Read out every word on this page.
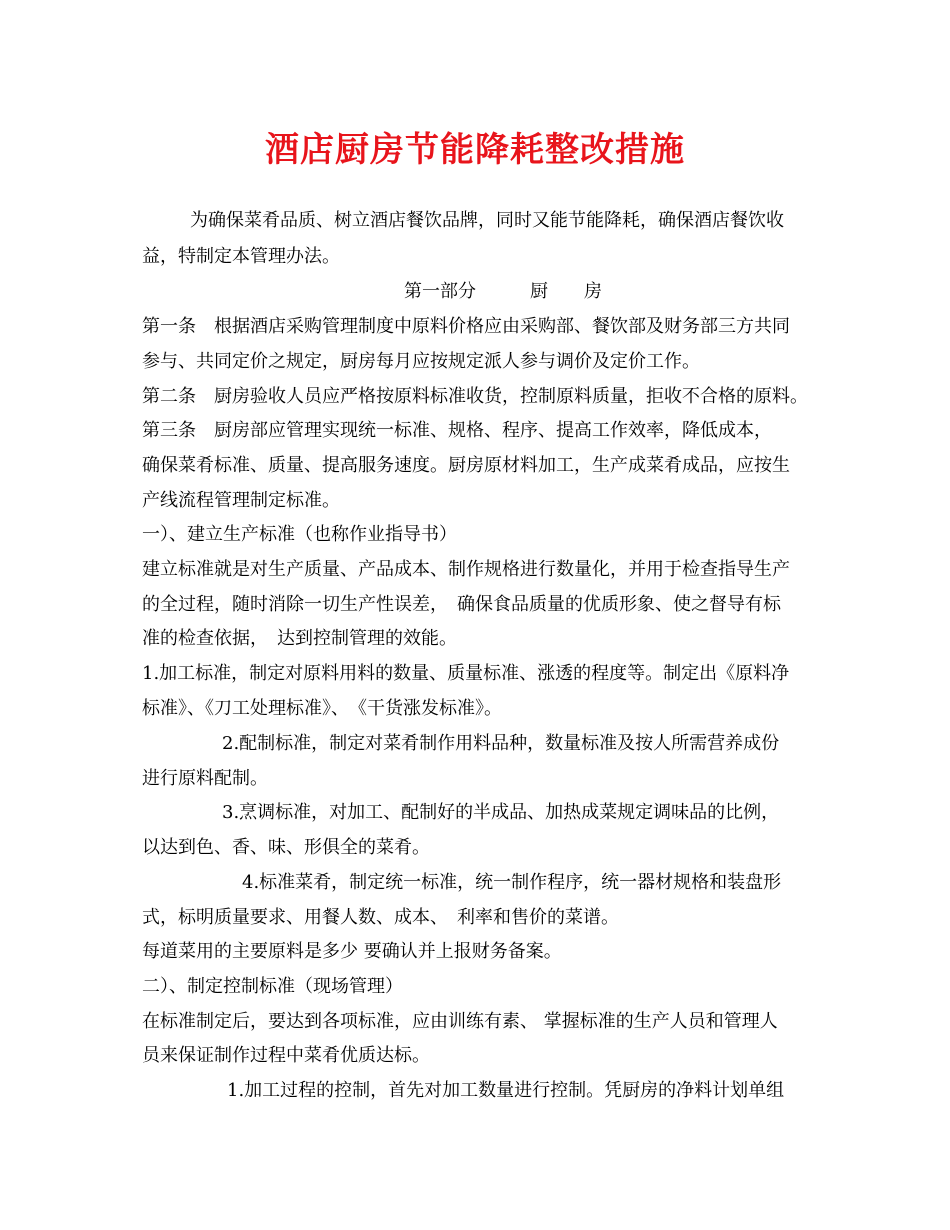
酒店厨房节能降耗整改措施
为确保菜肴品质、树立酒店餐饮品牌，同时又能节能降耗，确保酒店餐饮收
益，特制定本管理办法。
第一部分　　　厨　　房
第一条　根据酒店采购管理制度中原料价格应由采购部、餐饮部及财务部三方共同
参与、共同定价之规定，厨房每月应按规定派人参与调价及定价工作。
第二条　厨房验收人员应严格按原料标准收货，控制原料质量，拒收不合格的原料。
第三条　厨房部应管理实现统一标准、规格、程序、提高工作效率，降低成本，
确保菜肴标准、质量、提高服务速度。厨房原材料加工，生产成菜肴成品，应按生
产线流程管理制定标准。
一）、建立生产标准（也称作业指导书）
建立标准就是对生产质量、产品成本、制作规格进行数量化，并用于检查指导生产
的全过程，随时消除一切生产性误差，　确保食品质量的优质形象、使之督导有标
准的检查依据，　达到控制管理的效能。
1.加工标准，制定对原料用料的数量、质量标准、涨透的程度等。制定出《原料净
标准》、《刀工处理标准》、　《干货涨发标准》。
2.配制标准，制定对菜肴制作用料品种，数量标准及按人所需营养成份
进行原料配制。
3.烹调标准，对加工、配制好的半成品、加热成菜规定调味品的比例，
以达到色、香、味、形俱全的菜肴。
4.标准菜肴，制定统一标准，统一制作程序，统一器材规格和装盘形
式，标明质量要求、用餐人数、成本、　利率和售价的菜谱。
每道菜用的主要原料是多少 要确认并上报财务备案。
二）、制定控制标准（现场管理）
在标准制定后，要达到各项标准，应由训练有素、 掌握标准的生产人员和管理人
员来保证制作过程中菜肴优质达标。
1.加工过程的控制，首先对加工数量进行控制。凭厨房的净料计划单组
